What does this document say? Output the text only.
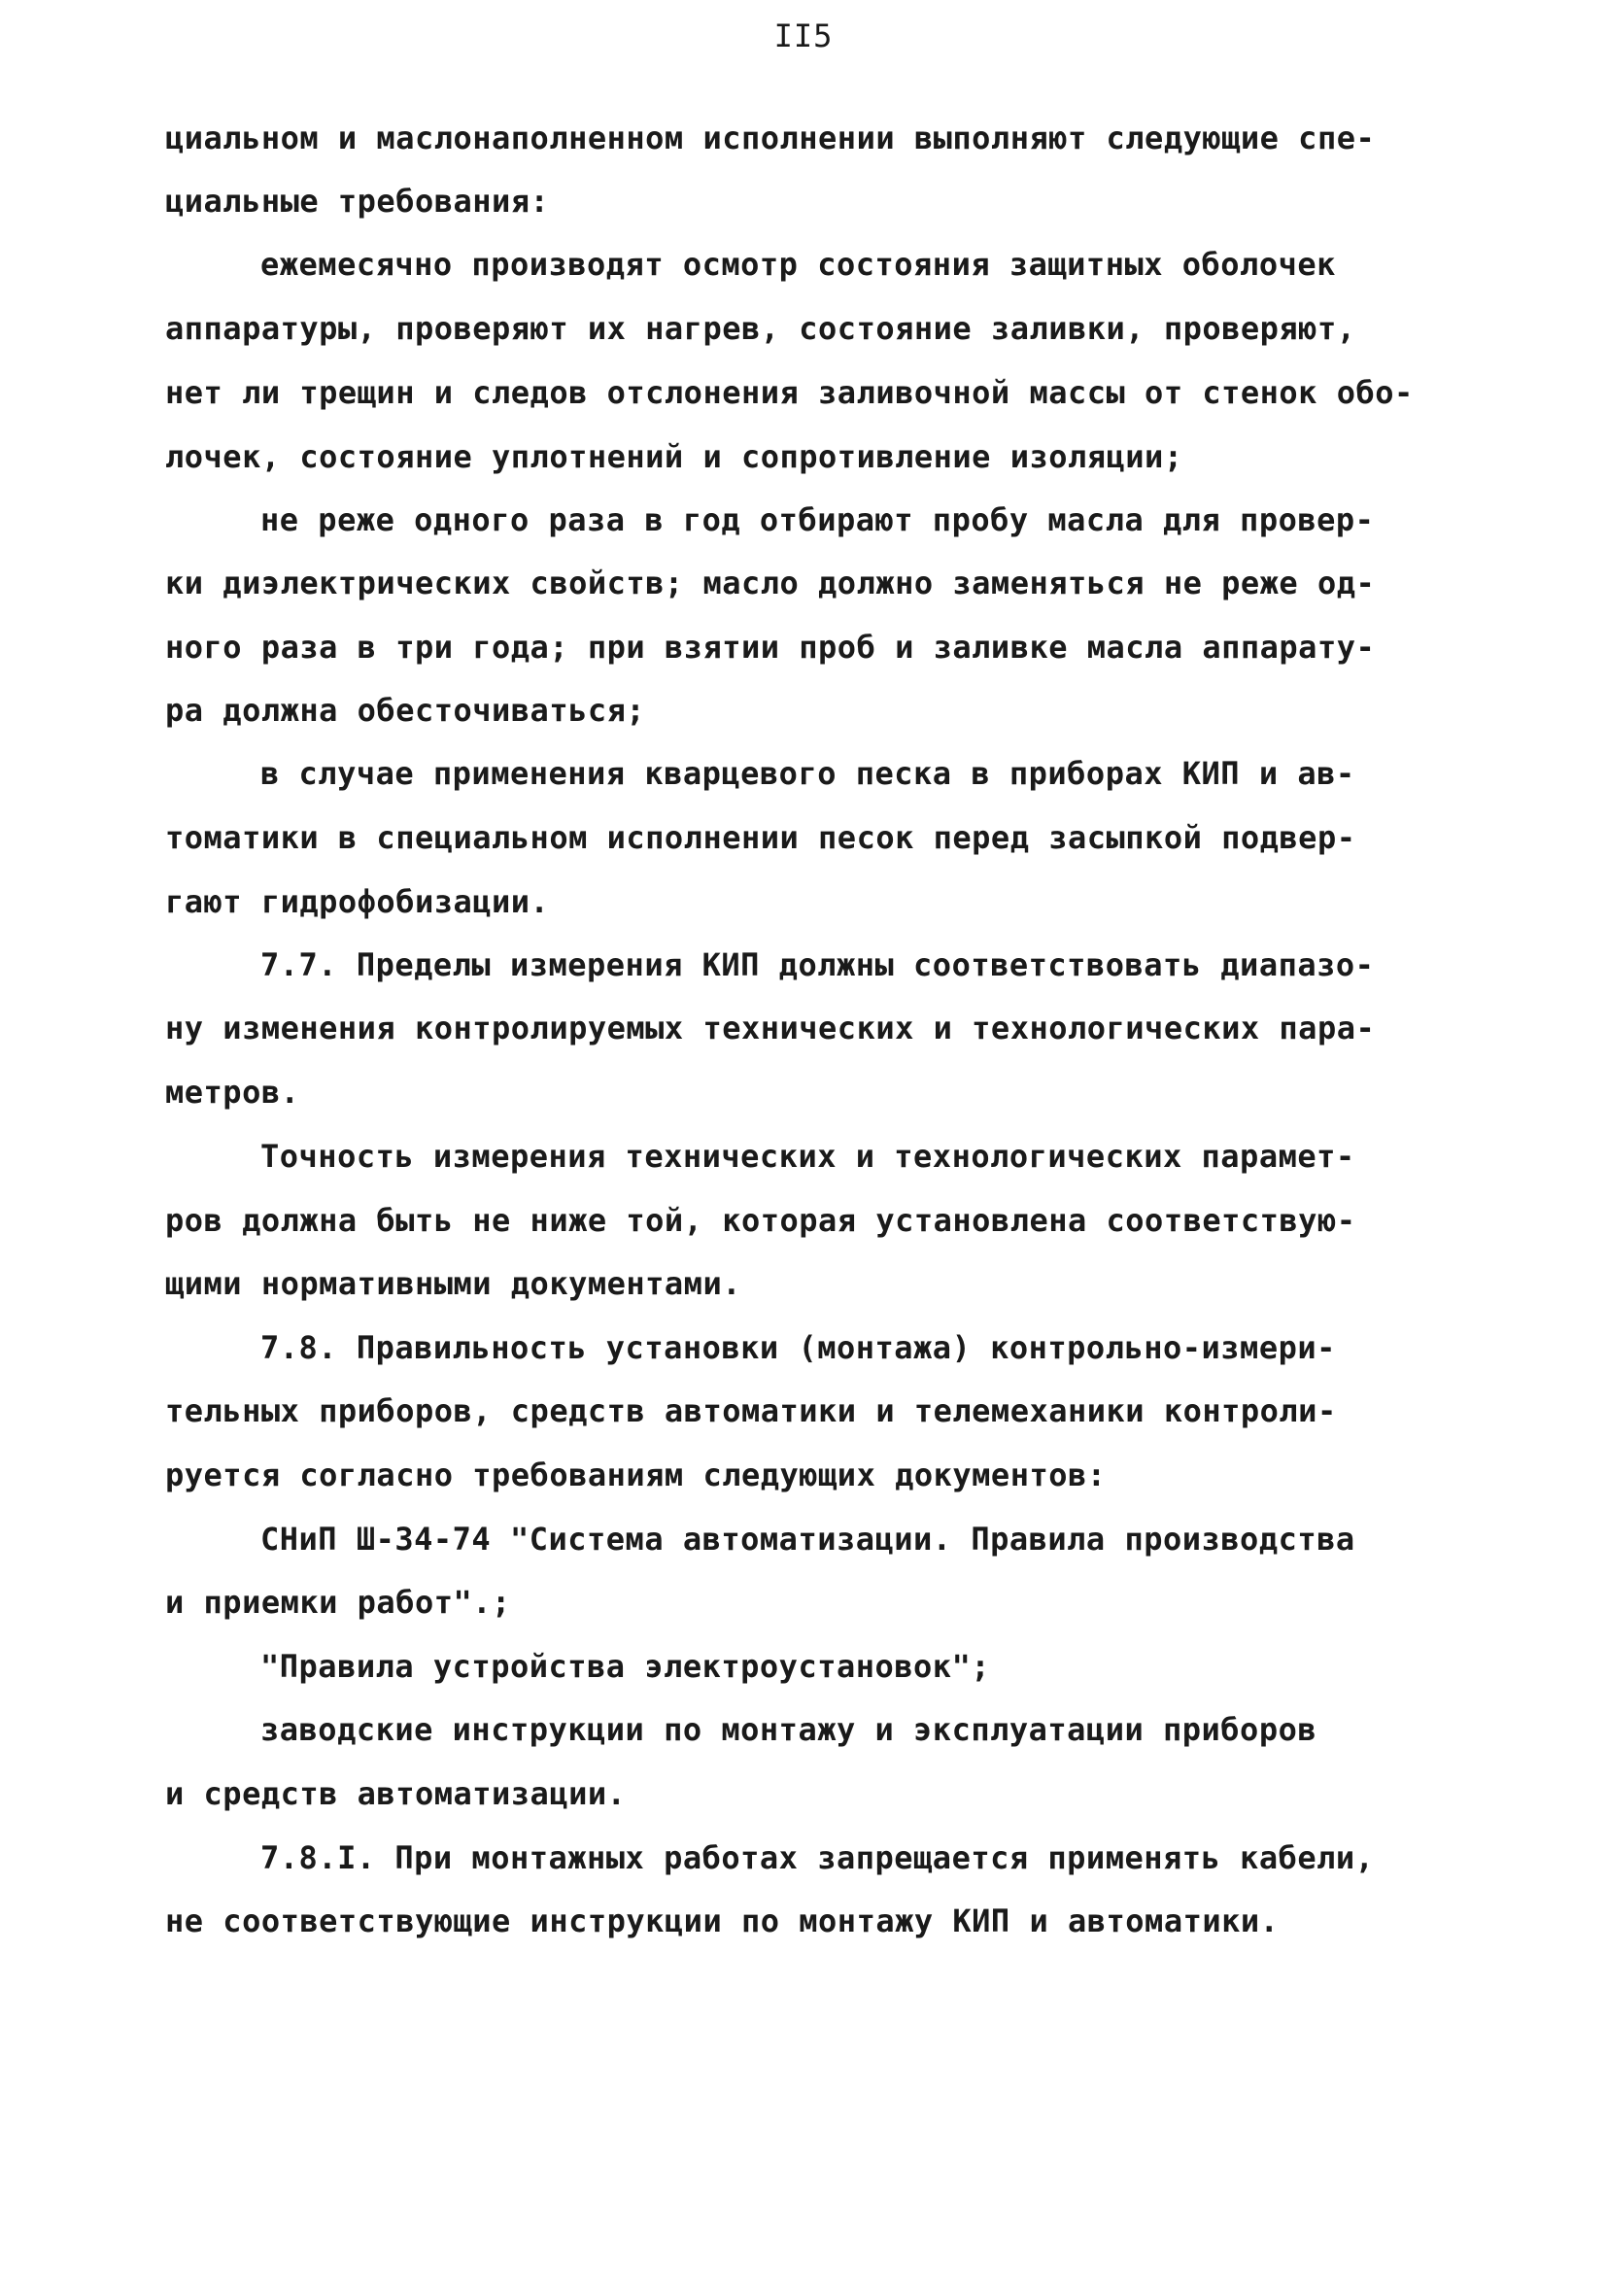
II5
циальном и маслонаполненном исполнении выполняют следующие спе-
циальные требования:
ежемесячно производят осмотр состояния защитных оболочек
аппаратуры, проверяют их нагрев, состояние заливки, проверяют,
нет ли трещин и следов отслонения заливочной массы от стенок обо-
лочек, состояние уплотнений и сопротивление изоляции;
не реже одного раза в год отбирают пробу масла для провер-
ки диэлектрических свойств; масло должно заменяться не реже од-
ного раза в три года; при взятии проб и заливке масла аппарату-
ра должна обесточиваться;
в случае применения кварцевого песка в приборах КИП и ав-
томатики в специальном исполнении песок перед засыпкой подвер-
гают гидрофобизации.
7.7. Пределы измерения КИП должны соответствовать диапазо-
ну изменения контролируемых технических и технологических пара-
метров.
Точность измерения технических и технологических парамет-
ров должна быть не ниже той, которая установлена соответствую-
щими нормативными документами.
7.8. Правильность установки (монтажа) контрольно-измери-
тельных приборов, средств автоматики и телемеханики контроли-
руется согласно требованиям следующих документов:
СНиП Ш-34-74 "Система автоматизации. Правила производства
и приемки работ".;
"Правила устройства электроустановок";
заводские инструкции по монтажу и эксплуатации приборов
и средств автоматизации.
7.8.I. При монтажных работах запрещается применять кабели,
не соответствующие инструкции по монтажу КИП и автоматики.
